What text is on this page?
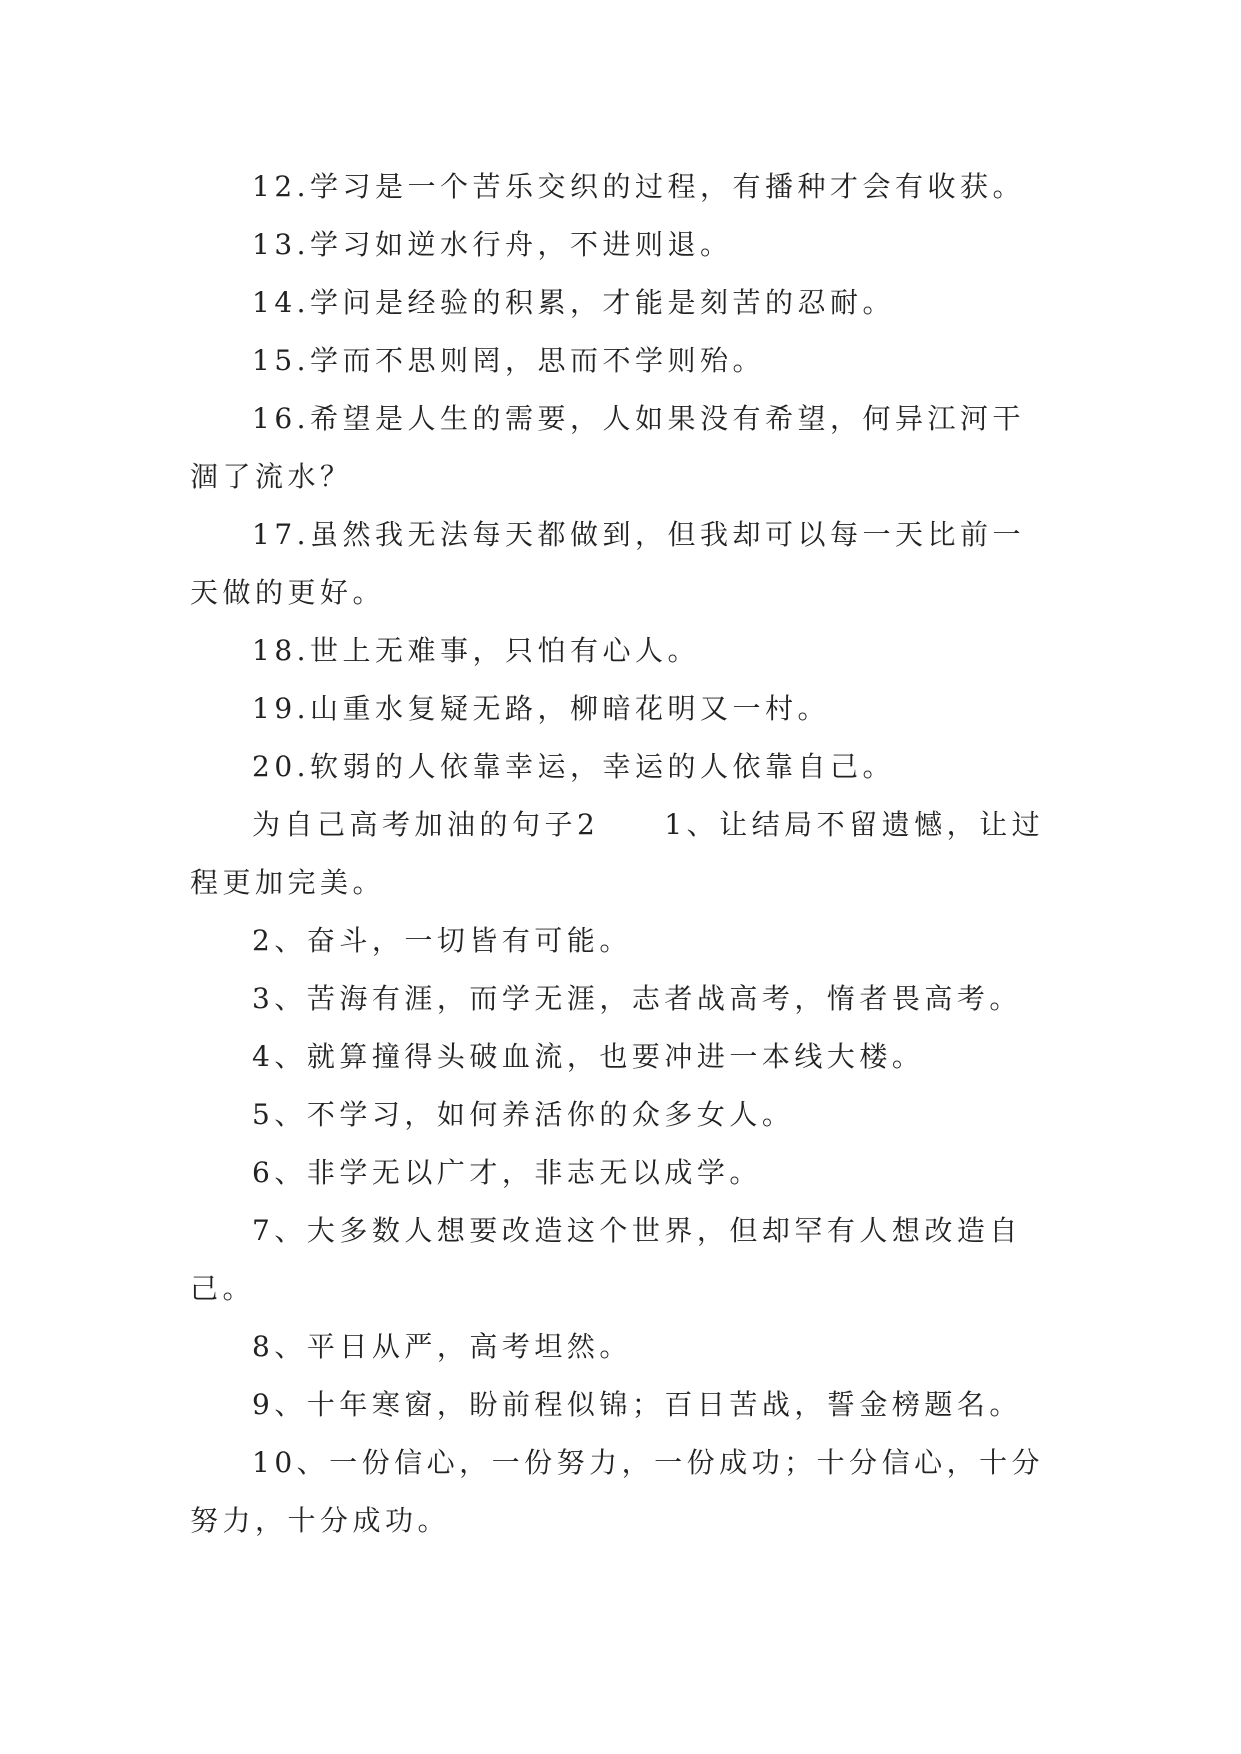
12.学习是一个苦乐交织的过程，有播种才会有收获。

13.学习如逆水行舟，不进则退。

14.学问是经验的积累，才能是刻苦的忍耐。

15.学而不思则罔，思而不学则殆。

16.希望是人生的需要，人如果没有希望，何异江河干涸了流水？

17.虽然我无法每天都做到，但我却可以每一天比前一天做的更好。

18.世上无难事，只怕有心人。

19.山重水复疑无路，柳暗花明又一村。

20.软弱的人依靠幸运，幸运的人依靠自己。

为自己高考加油的句子2　　1、让结局不留遗憾，让过程更加完美。

2、奋斗，一切皆有可能。

3、苦海有涯，而学无涯，志者战高考，惰者畏高考。

4、就算撞得头破血流，也要冲进一本线大楼。

5、不学习，如何养活你的众多女人。

6、非学无以广才，非志无以成学。

7、大多数人想要改造这个世界，但却罕有人想改造自己。

8、平日从严，高考坦然。

9、十年寒窗，盼前程似锦；百日苦战，誓金榜题名。

10、一份信心，一份努力，一份成功；十分信心，十分努力，十分成功。
